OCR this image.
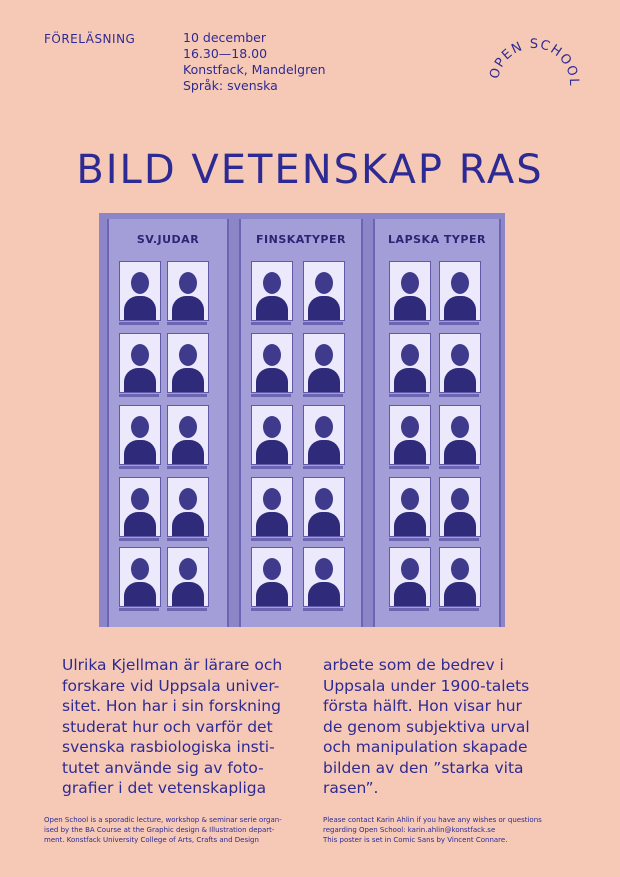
FÖRELÄSNING	10 december
16.30—18.00
Konstfack, Mandelgren
Språk: svenska
OPEN SCHOOL
BILD VETENSKAP RAS
SV.JUDAR	FINSKATYPER	LAPSKA TYPER
Ulrika Kjellman är lärare och
forskare vid Uppsala univer-
sitet. Hon har i sin forskning
studerat hur och varför det
svenska rasbiologiska insti-
tutet använde sig av foto-
grafier i det vetenskapliga
arbete som de bedrev i
Uppsala under 1900-talets
första hälft. Hon visar hur
de genom subjektiva urval
och manipulation skapade
bilden av den ”starka vita
rasen”.
Open School is a sporadic lecture, workshop & seminar serie organ-
ised by the BA Course at the Graphic design & Illustration depart-
ment. Konstfack University College of Arts, Crafts and Design
Please contact Karin Ahlin if you have any wishes or questions
regarding Open School: karin.ahlin@konstfack.se
This poster is set in Comic Sans by Vincent Connare.
